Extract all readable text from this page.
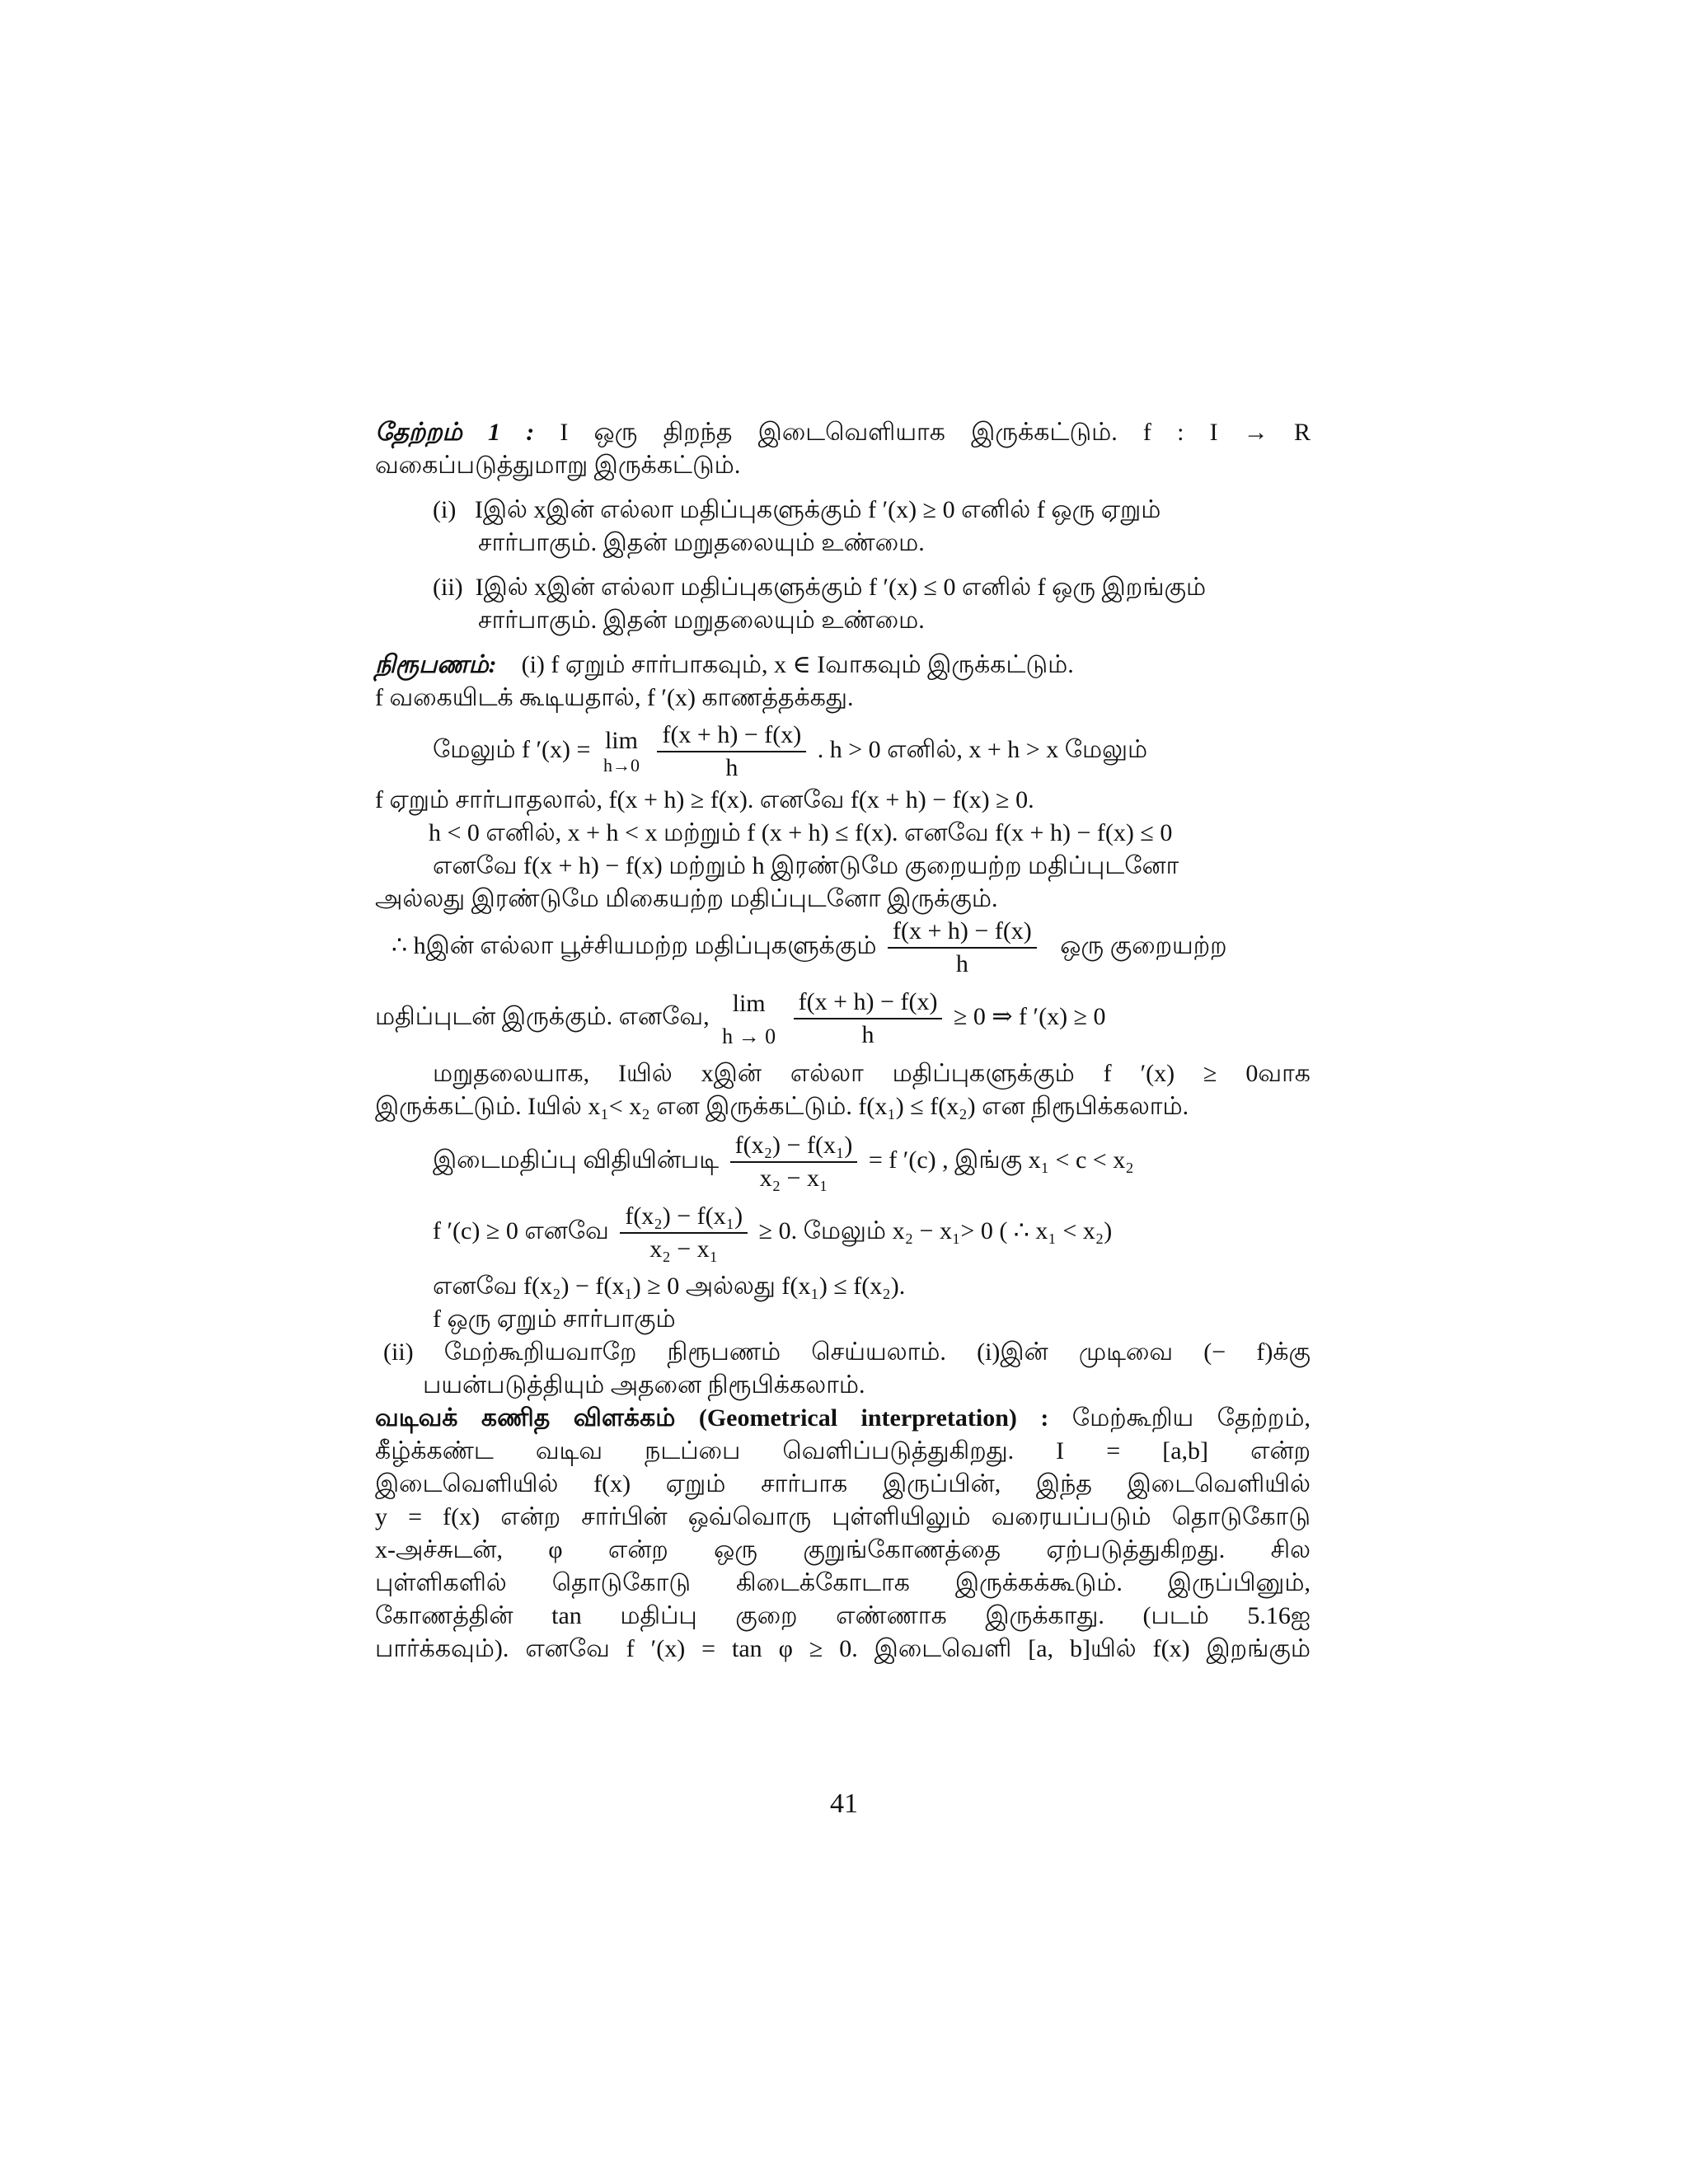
தேற்றம் 1 : I ஒரு திறந்த இடைவெளியாக இருக்கட்டும். f : I → R
வகைப்படுத்துமாறு இருக்கட்டும்.
(i) Iஇல் xஇன் எல்லா மதிப்புகளுக்கும் f ′(x) ≥ 0 எனில் f ஒரு ஏறும்
சார்பாகும். இதன் மறுதலையும் உண்மை.
(ii) Iஇல் xஇன் எல்லா மதிப்புகளுக்கும் f ′(x) ≤ 0 எனில் f ஒரு இறங்கும்
சார்பாகும். இதன் மறுதலையும் உண்மை.
நிரூபணம்: (i) f ஏறும் சார்பாகவும், x ∈ Iவாகவும் இருக்கட்டும்.
f வகையிடக் கூடியதால், f ′(x) காணத்தக்கது.
மேலும் f ′(x) = lim
h→0
$\frac{f(x + h) - f(x)}{h}$ . h > 0 எனில், x + h > x மேலும்
f ஏறும் சார்பாதலால், f(x + h) ≥ f(x). எனவே f(x + h) − f(x) ≥ 0.
h < 0 எனில், x + h < x மற்றும் f (x + h) ≤ f(x). எனவே f(x + h) − f(x) ≤ 0
எனவே f(x + h) − f(x) மற்றும் h இரண்டுமே குறையற்ற மதிப்புடனோ
அல்லது இரண்டுமே மிகையற்ற மதிப்புடனோ இருக்கும்.
∴ hஇன் எல்லா பூச்சியமற்ற மதிப்புகளுக்கும் $\frac{f(x + h) - f(x)}{h}$ ஒரு குறையற்ற
மதிப்புடன் இருக்கும். எனவே, lim
h → 0
$\frac{f(x + h) - f(x)}{h} \ge 0$ ⇒ f ′(x) ≥ 0
மறுதலையாக, Iயில் xஇன் எல்லா மதிப்புகளுக்கும் f ′(x) ≥ 0வாக
இருக்கட்டும். Iயில் x₁< x₂ என இருக்கட்டும். f(x₁) ≤ f(x₂) என நிரூபிக்கலாம்.
இடைமதிப்பு விதியின்படி $\frac{\text{f(x₂) − f(x₁)}}{\text{x₂ − x₁}} = f$ ′(c) , இங்கு x₁ < c < x₂
f ′(c) ≥ 0 எனவே $\frac{\text{f(x₂) − f(x₁)}}{\text{x₂ − x₁}} \ge 0$. மேலும் x₂ − x₁> 0 ( ∴ x₁ < x₂)
எனவே f(x₂) − f(x₁) ≥ 0 அல்லது f(x₁) ≤ f(x₂).
f ஒரு ஏறும் சார்பாகும்
(ii) மேற்கூறியவாறே நிரூபணம் செய்யலாம். (i)இன் முடிவை (− f)க்கு
பயன்படுத்தியும் அதனை நிரூபிக்கலாம்.
வடிவக் கணித விளக்கம் (Geometrical interpretation) : மேற்கூறிய தேற்றம்,
கீழ்க்கண்ட வடிவ நடப்பை வெளிப்படுத்துகிறது. I = [a,b] என்ற
இடைவெளியில் f(x) ஏறும் சார்பாக இருப்பின், இந்த இடைவெளியில்
y = f(x) என்ற சார்பின் ஒவ்வொரு புள்ளியிலும் வரையப்படும் தொடுகோடு
x-அச்சுடன், φ என்ற ஒரு குறுங்கோணத்தை ஏற்படுத்துகிறது. சில
புள்ளிகளில் தொடுகோடு கிடைக்கோடாக இருக்கக்கூடும். இருப்பினும்,
கோணத்தின் tan மதிப்பு குறை எண்ணாக இருக்காது. (படம் 5.16ஐ
பார்க்கவும்). எனவே f ′(x) = tan φ ≥ 0. இடைவெளி [a, b]யில் f(x) இறங்கும்
41
